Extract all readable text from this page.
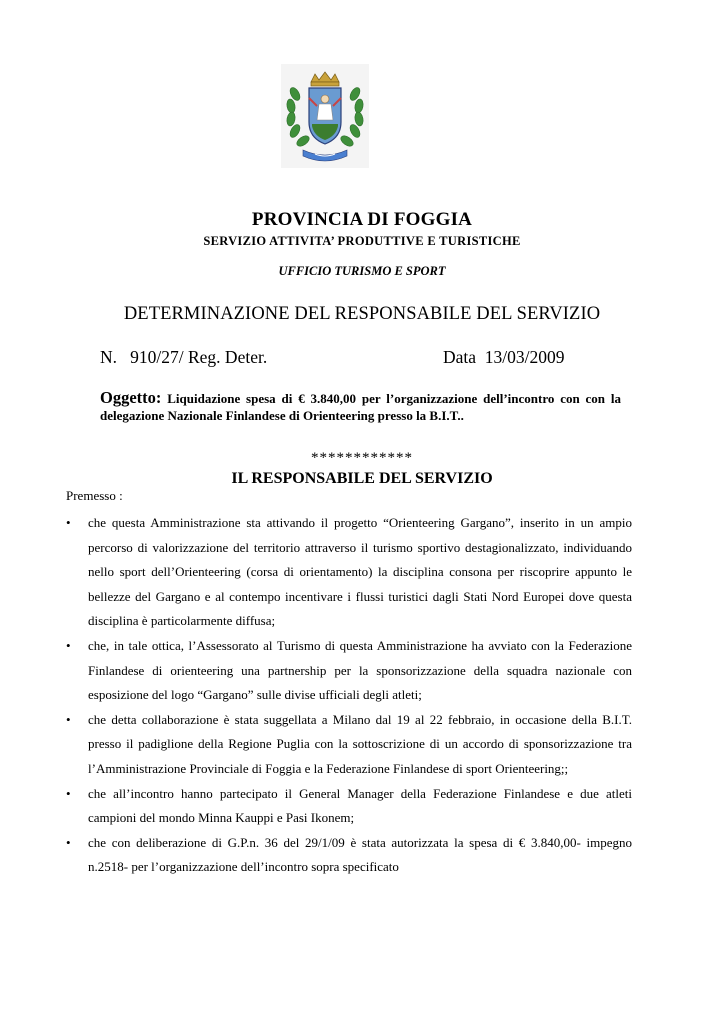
PROVINCIA DI FOGGIA
SERVIZIO ATTIVITA’ PRODUTTIVE E TURISTICHE
UFFICIO TURISMO E SPORT
DETERMINAZIONE DEL RESPONSABILE DEL SERVIZIO
N.   910/27/ Reg. Deter.	Data  13/03/2009
Oggetto: Liquidazione spesa di € 3.840,00 per l’organizzazione dell’incontro con con la delegazione Nazionale Finlandese di Orienteering presso la B.I.T..
************
IL RESPONSABILE DEL SERVIZIO
Premesso :
• che questa Amministrazione sta attivando il progetto “Orienteering Gargano”, inserito in un ampio percorso di valorizzazione del territorio attraverso il turismo sportivo destagionalizzato, individuando nello sport dell’Orienteering (corsa di orientamento) la disciplina consona per riscoprire appunto le bellezze del Gargano e al contempo incentivare i flussi turistici dagli Stati Nord Europei dove questa disciplina è particolarmente diffusa;
• che, in tale ottica, l’Assessorato al Turismo di questa Amministrazione ha avviato con la Federazione Finlandese di orienteering una partnership per la sponsorizzazione della squadra nazionale con esposizione del logo “Gargano” sulle divise ufficiali degli atleti;
• che detta collaborazione è stata suggellata a Milano dal 19 al 22 febbraio, in occasione della B.I.T. presso il padiglione della Regione Puglia con la sottoscrizione di un accordo di sponsorizzazione tra l’Amministrazione Provinciale di Foggia e la Federazione Finlandese di sport Orienteering;;
• che all’incontro hanno partecipato il General Manager della Federazione Finlandese e due atleti campioni del mondo Minna Kauppi e Pasi Ikonem;
• che con deliberazione di G.P.n. 36 del 29/1/09 è stata autorizzata la spesa di € 3.840,00- impegno n.2518- per l’organizzazione dell’incontro sopra specificato
